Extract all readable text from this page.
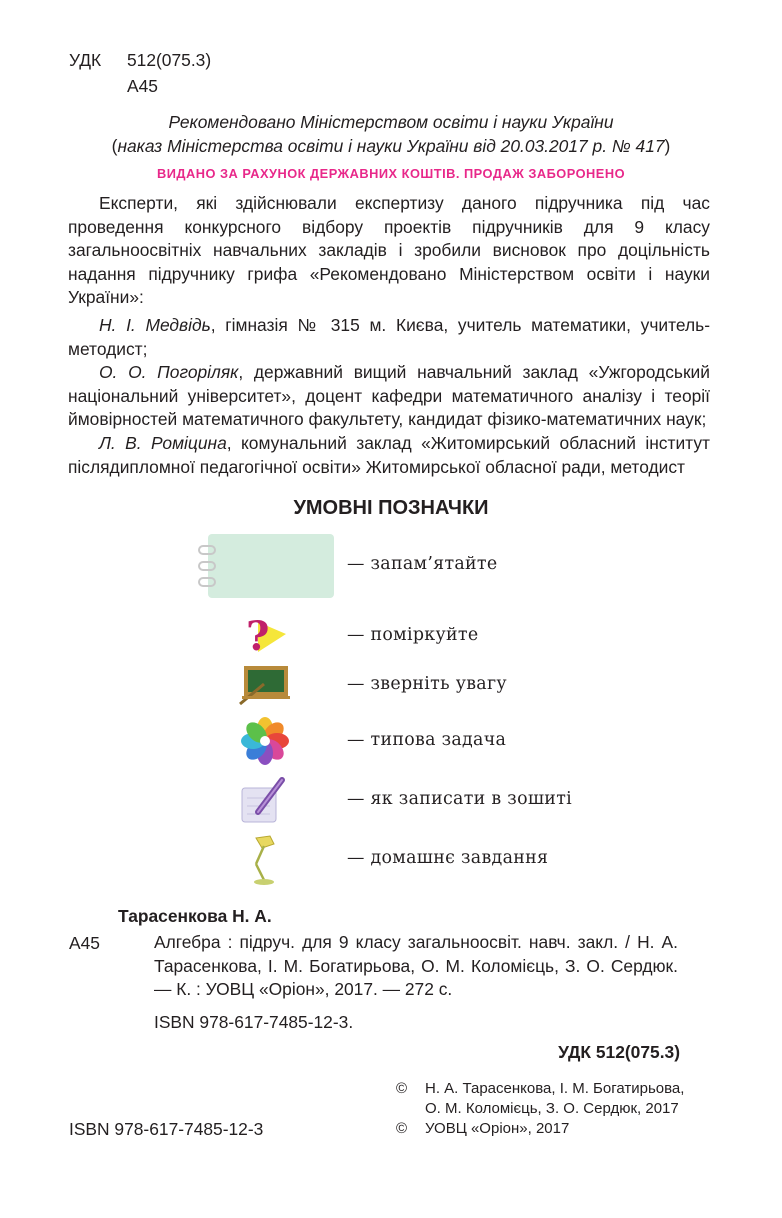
УДК 512(075.3)
А45
Рекомендовано Міністерством освіти і науки України
(наказ Міністерства освіти і науки України від 20.03.2017 р. № 417)
ВИДАНО ЗА РАХУНОК ДЕРЖАВНИХ КОШТІВ. ПРОДАЖ ЗАБОРОНЕНО

Експерти, які здійснювали експертизу даного підручника під час проведення конкурсного відбору проектів підручників для 9 класу загальноосвітніх навчальних закладів і зробили висновок про доцільність надання підручнику грифа «Рекомендовано Міністерством освіти і науки України»:

Н. І. Медвідь, гімназія № 315 м. Києва, учитель математики, учитель-методист;

О. О. Погоріляк, державний вищий навчальний заклад «Ужгородський національний університет», доцент кафедри математичного аналізу і теорії ймовірностей математичного факультету, кандидат фізико-математичних наук;

Л. В. Роміцина, комунальний заклад «Житомирський обласний інститут післядипломної педагогічної освіти» Житомирської обласної ради, методист

УМОВНІ ПОЗНАЧКИ
— запам’ятайте
?	— поміркуйте
— зверніть увагу
— типова задача
— як записати в зошиті
— домашнє завдання
Тарасенкова Н. А.
А45	Алгебра : підруч. для 9 класу загальноосвіт. навч. закл. / Н. А. Тарасенкова, І. М. Богатирьова, О. М. Коломієць, З. О. Сердюк. — К. : УОВЦ «Оріон», 2017. — 272 с.
ISBN 978-617-7485-12-3.
УДК 512(075.3)
© Н. А. Тарасенкова, І. М. Богатирьова,
О. М. Коломієць, З. О. Сердюк, 2017
© УОВЦ «Оріон», 2017
ISBN 978-617-7485-12-3
